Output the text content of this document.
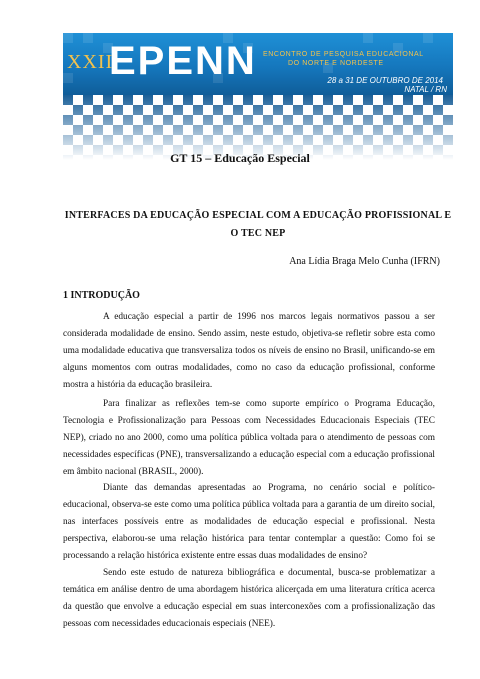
XXII
EPENN ENCONTRO DE PESQUISA EDUCACIONAL
DO NORTE E NORDESTE
28 a 31 DE OUTUBRO DE 2014
NATAL / RN
GT 15 – Educação Especial
INTERFACES DA EDUCAÇÃO ESPECIAL COM A EDUCAÇÃO PROFISSIONAL E O TEC NEP
Ana Lídia Braga Melo Cunha (IFRN)
1 INTRODUÇÃO

A educação especial a partir de 1996 nos marcos legais normativos passou a ser considerada modalidade de ensino. Sendo assim, neste estudo, objetiva-se refletir sobre esta como uma modalidade educativa que transversaliza todos os níveis de ensino no Brasil, unificando-se em alguns momentos com outras modalidades, como no caso da educação profissional, conforme mostra a história da educação brasileira.

Para finalizar as reflexões tem-se como suporte empírico o Programa Educação, Tecnologia e Profissionalização para Pessoas com Necessidades Educacionais Especiais (TEC NEP), criado no ano 2000, como uma política pública voltada para o atendimento de pessoas com necessidades específicas (PNE), transversalizando a educação especial com a educação profissional em âmbito nacional (BRASIL, 2000).

Diante das demandas apresentadas ao Programa, no cenário social e político-educacional, observa-se este como uma política pública voltada para a garantia de um direito social, nas interfaces possíveis entre as modalidades de educação especial e profissional. Nesta perspectiva, elaborou-se uma relação histórica para tentar contemplar a questão: Como foi se processando a relação histórica existente entre essas duas modalidades de ensino?

Sendo este estudo de natureza bibliográfica e documental, busca-se problematizar a temática em análise dentro de uma abordagem histórica alicerçada em uma literatura crítica acerca da questão que envolve a educação especial em suas interconexões com a profissionalização das pessoas com necessidades educacionais especiais (NEE).
